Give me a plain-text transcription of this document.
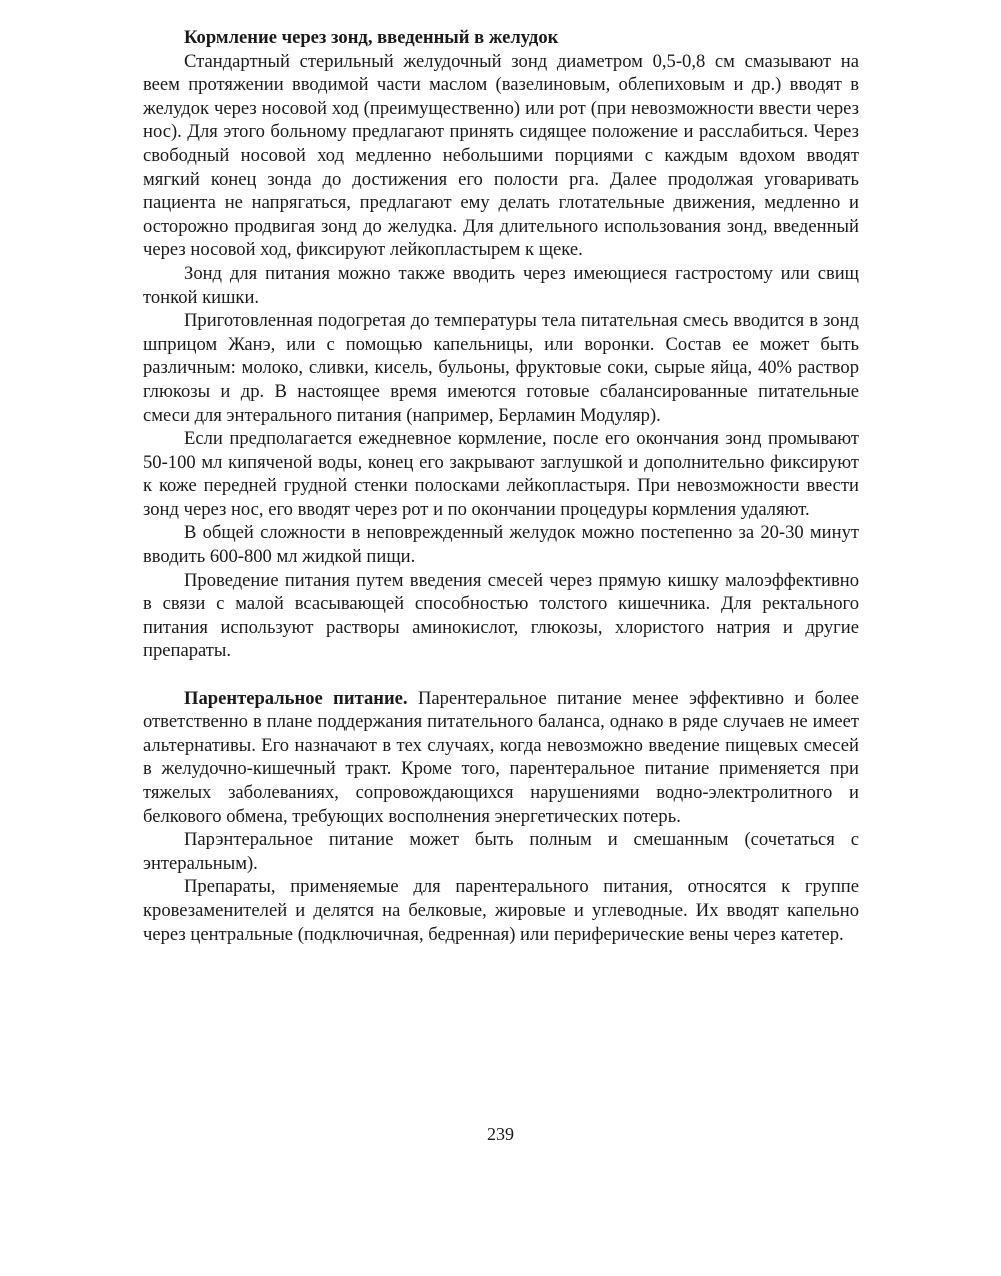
Кормление через зонд, введенный в желудок

Стандартный стерильный желудочный зонд диаметром 0,5-0,8 см смазывают на веем протяжении вводимой части маслом (вазелиновым, облепиховым и др.) вводят в желудок через носовой ход (преимущественно) или рот (при невозможности ввести через нос). Для этого больному предлагают принять сидящее положение и расслабиться. Через свободный носовой ход медленно небольшими порциями с каждым вдохом вводят мягкий конец зонда до достижения его полости рга. Далее продолжая уговаривать пациента не напрягаться, предлагают ему делать глотательные движения, медленно и осторожно продвигая зонд до желудка. Для длительного использования зонд, введенный через носовой ход, фиксируют лейкопластырем к щеке.

Зонд для питания можно также вводить через имеющиеся гастростому или свищ тонкой кишки.

Приготовленная подогретая до температуры тела питательная смесь вводится в зонд шприцом Жанэ, или с помощью капельницы, или воронки. Состав ее может быть различным: молоко, сливки, кисель, бульоны, фруктовые соки, сырые яйца, 40% раствор глюкозы и др. В настоящее время имеются готовые сбалансированные питательные смеси для энтерального питания (например, Берламин Модуляр).

Если предполагается ежедневное кормление, после его окончания зонд промывают 50-100 мл кипяченой воды, конец его закрывают заглушкой и дополнительно фиксируют к коже передней грудной стенки полосками лейкопластыря. При невозможности ввести зонд через нос, его вводят через рот и по окончании процедуры кормления удаляют.

В общей сложности в неповрежденный желудок можно постепенно за 20-30 минут вводить 600-800 мл жидкой пищи.

Проведение питания путем введения смесей через прямую кишку малоэффективно в связи с малой всасывающей способностью толстого кишечника. Для ректального питания используют растворы аминокислот, глюкозы, хлористого натрия и другие препараты.

Парентеральное питание. Парентеральное питание менее эффективно и более ответственно в плане поддержания питательного баланса, однако в ряде случаев не имеет альтернативы. Его назначают в тех случаях, когда невозможно введение пищевых смесей в желудочно-кишечный тракт. Кроме того, парентеральное питание применяется при тяжелых заболеваниях, сопровождающихся нарушениями водно-электролитного и белкового обмена, требующих восполнения энергетических потерь.

Парэнтеральное питание может быть полным и смешанным (сочетаться с энтеральным).

Препараты, применяемые для парентерального питания, относятся к группе кровезаменителей и делятся на белковые, жировые и углеводные. Их вводят капельно через центральные (подключичная, бедренная) или периферические вены через катетер.

239
